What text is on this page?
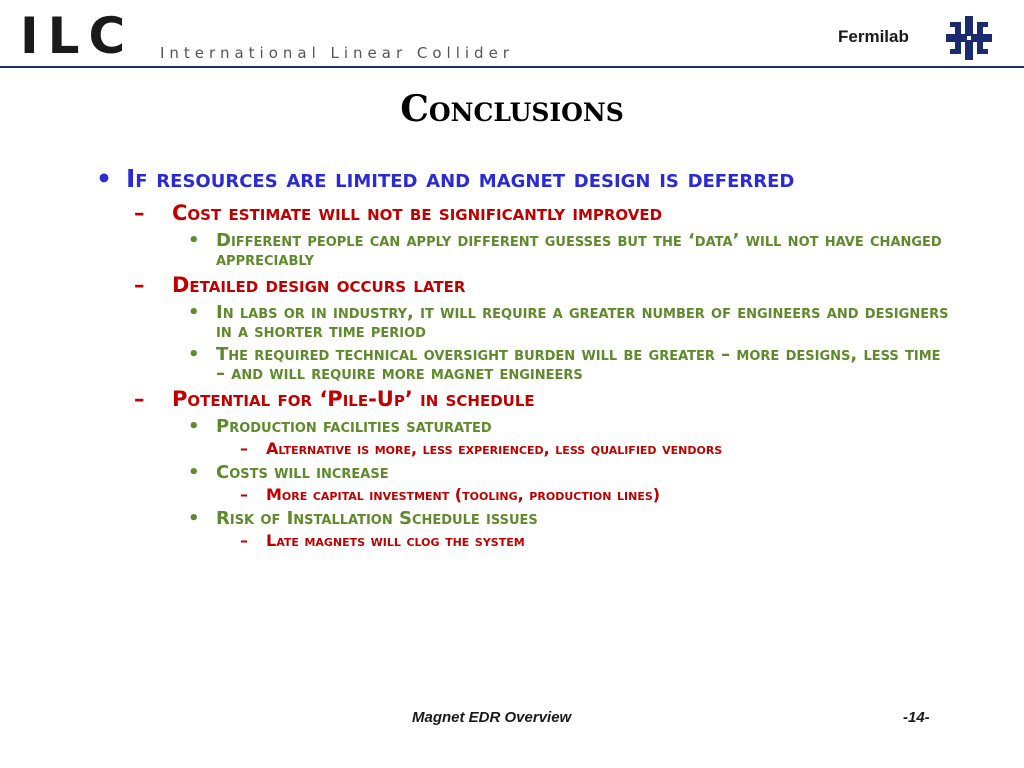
ILC International Linear Collider
Fermilab
Conclusions
• If resources are limited and magnet design is deferred
– Cost estimate will not be significantly improved
• Different people can apply different guesses but the ‘data’ will not have changed appreciably
– Detailed design occurs later
• In labs or in industry, it will require a greater number of engineers and designers in a shorter time period
• The required technical oversight burden will be greater – more designs, less time – and will require more magnet engineers
– Potential for ‘Pile-Up’ in schedule
• Production facilities saturated
– Alternative is more, less experienced, less qualified vendors
• Costs will increase
– More capital investment (tooling, production lines)
• Risk of Installation Schedule issues
– Late magnets will clog the system
Magnet EDR Overview	-14-
